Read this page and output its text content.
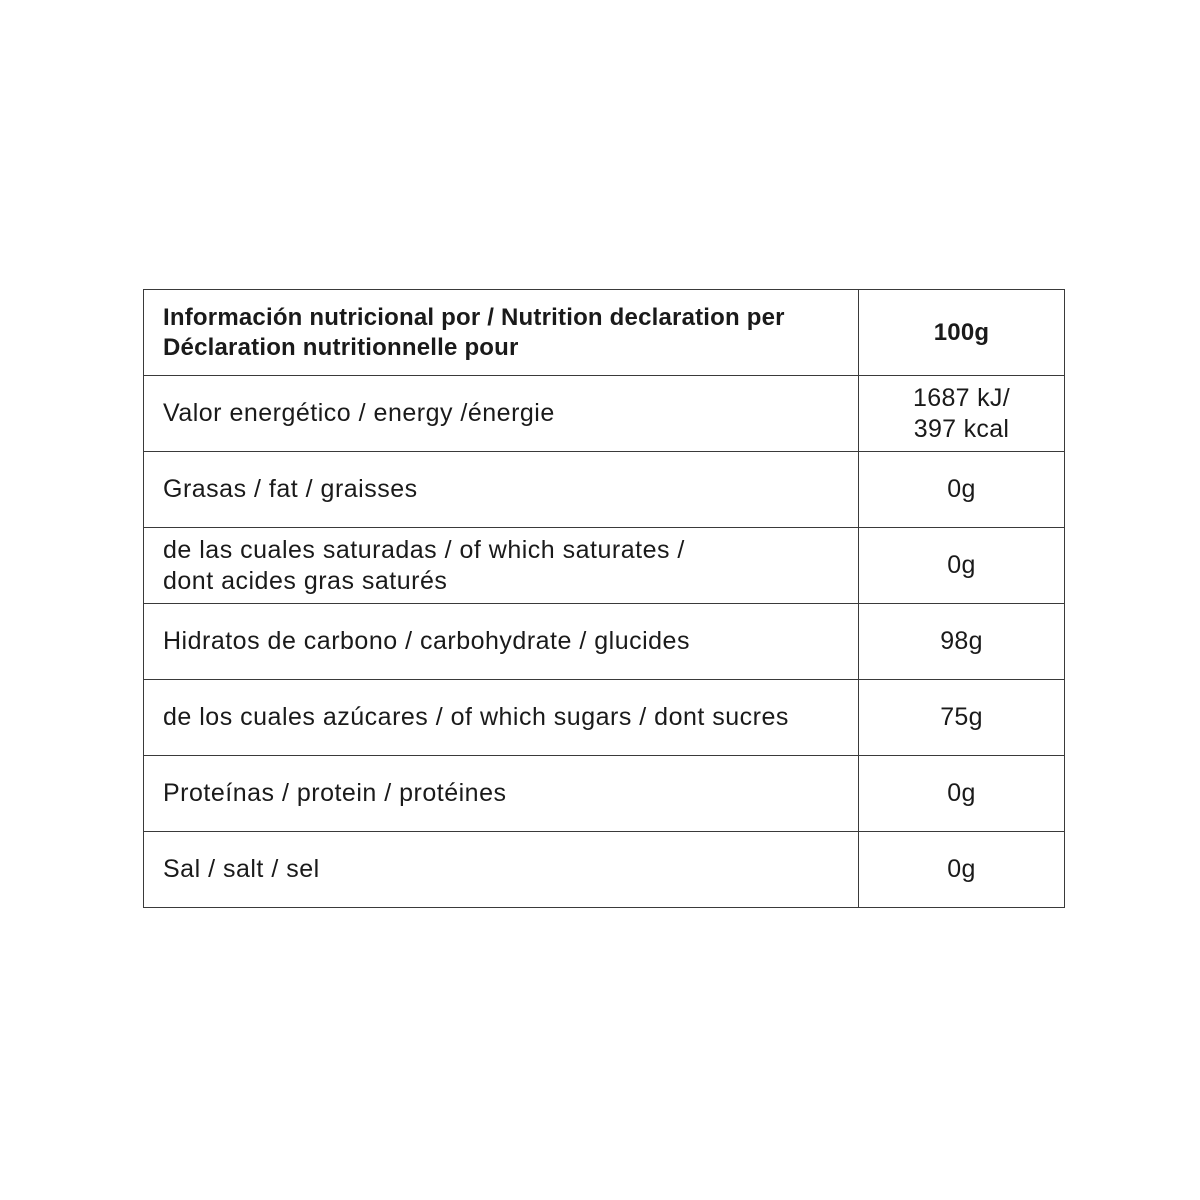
Información nutricional por / Nutrition declaration per
Déclaration nutritionnelle pour	100g

Valor energético / energy /énergie	1687 kJ/
397 kcal

Grasas / fat / graisses	0g

de las cuales saturadas / of which saturates /
dont acides gras saturés	0g

Hidratos de carbono / carbohydrate / glucides	98g

de los cuales azúcares / of which sugars / dont sucres	75g

Proteínas / protein / protéines	0g

Sal / salt / sel	0g
